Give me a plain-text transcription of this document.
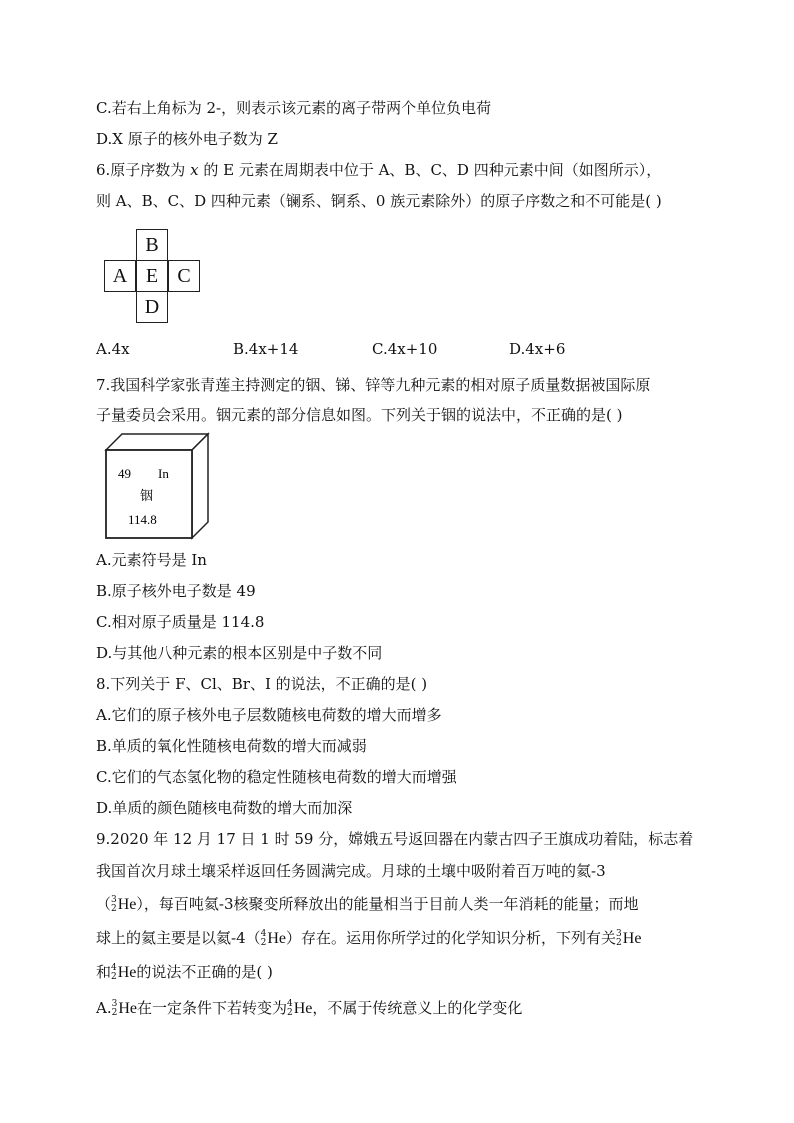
C.若右上角标为 2-，则表示该元素的离子带两个单位负电荷
D.X 原子的核外电子数为 Z
6.原子序数为 x 的 E 元素在周期表中位于 A、B、C、D 四种元素中间（如图所示），
则 A、B、C、D 四种元素（镧系、锕系、0 族元素除外）的原子序数之和不可能是( )
B
A E C
D
A.4x	B.4x+14	C.4x+10	D.4x+6
7.我国科学家张青莲主持测定的铟、锑、锌等九种元素的相对原子质量数据被国际原
子量委员会采用。铟元素的部分信息如图。下列关于铟的说法中，不正确的是( )
49 In
铟
114.8
A.元素符号是 In
B.原子核外电子数是 49
C.相对原子质量是 114.8
D.与其他八种元素的根本区别是中子数不同
8.下列关于 F、Cl、Br、I 的说法，不正确的是( )
A.它们的原子核外电子层数随核电荷数的增大而增多
B.单质的氧化性随核电荷数的增大而减弱
C.它们的气态氢化物的稳定性随核电荷数的增大而增强
D.单质的颜色随核电荷数的增大而加深
9.2020 年 12 月 17 日 1 时 59 分，嫦娥五号返回器在内蒙古四子王旗成功着陆，标志着
我国首次月球土壤采样返回任务圆满完成。月球的土壤中吸附着百万吨的氦-3
（ 3
2 He ），每百吨氦-3核聚变所释放出的能量相当于目前人类一年消耗的能量；而地
球上的氦主要是以氦-4（ 4
2 He ）存在。运用你所学过的化学知识分析，下列有关 3
2 He
和 4
2 He 的说法不正确的是( )
A. 3
2 He 在一定条件下若转变为 4
2 He ，不属于传统意义上的化学变化
